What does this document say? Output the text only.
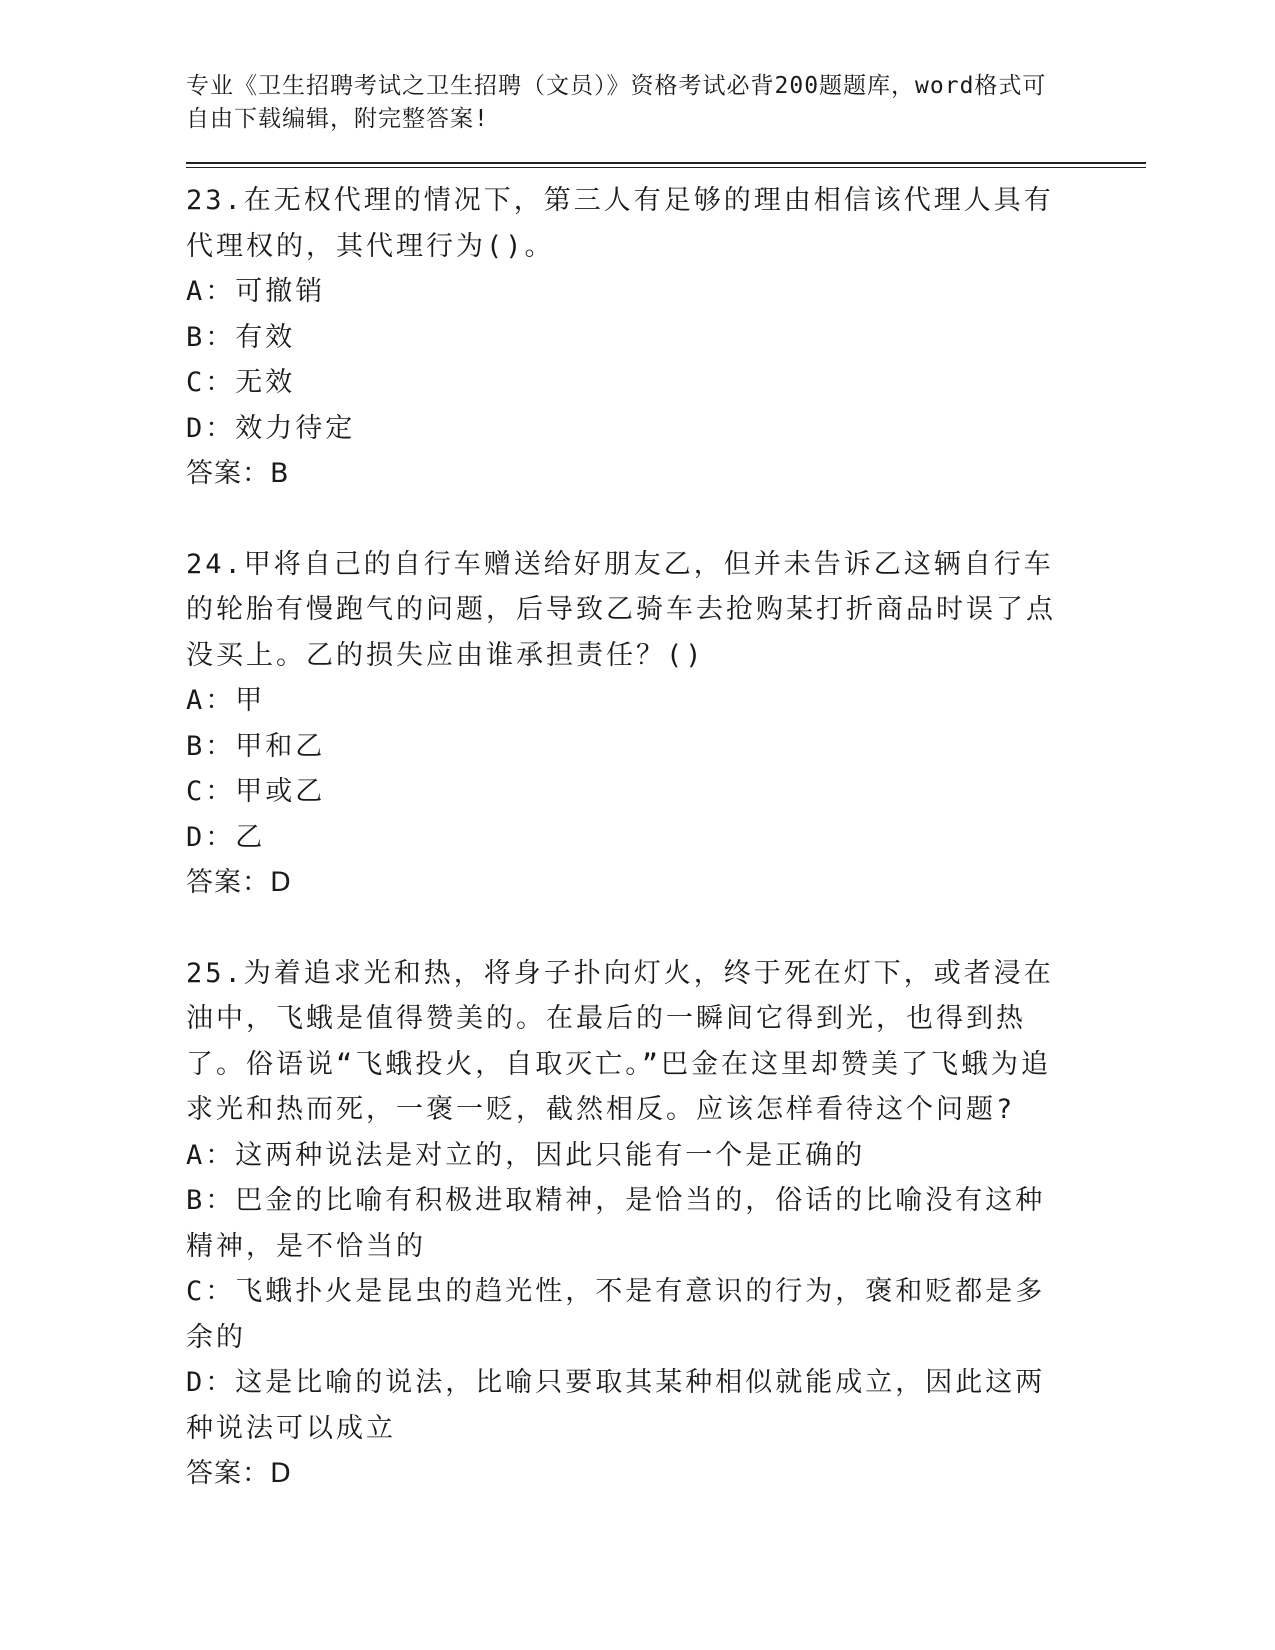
专业《卫生招聘考试之卫生招聘（文员）》资格考试必背200题题库，word格式可自由下载编辑，附完整答案!
23.在无权代理的情况下，第三人有足够的理由相信该代理人具有代理权的，其代理行为()。
A：可撤销
B：有效
C：无效
D：效力待定
答案：B
24.甲将自己的自行车赠送给好朋友乙，但并未告诉乙这辆自行车的轮胎有慢跑气的问题，后导致乙骑车去抢购某打折商品时误了点没买上。乙的损失应由谁承担责任？()
A：甲
B：甲和乙
C：甲或乙
D：乙
答案：D
25.为着追求光和热，将身子扑向灯火，终于死在灯下，或者浸在油中，飞蛾是值得赞美的。在最后的一瞬间它得到光，也得到热了。俗语说“飞蛾投火，自取灭亡。”巴金在这里却赞美了飞蛾为追求光和热而死，一褒一贬，截然相反。应该怎样看待这个问题?
A：这两种说法是对立的，因此只能有一个是正确的
B：巴金的比喻有积极进取精神，是恰当的，俗话的比喻没有这种精神，是不恰当的
C：飞蛾扑火是昆虫的趋光性，不是有意识的行为，褒和贬都是多余的
D：这是比喻的说法，比喻只要取其某种相似就能成立，因此这两种说法可以成立
答案：D
